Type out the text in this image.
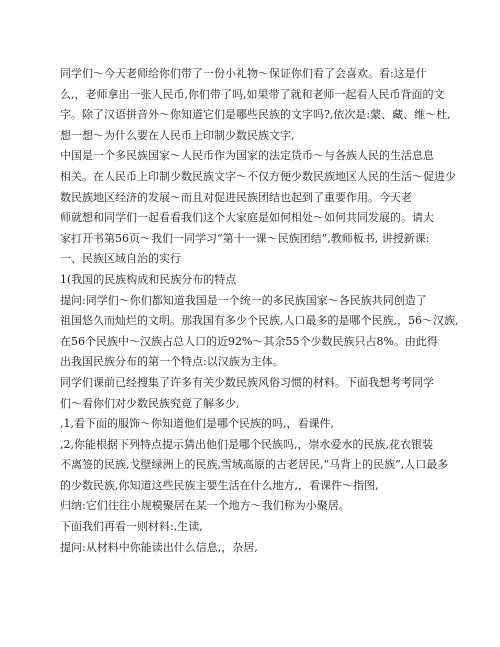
同学们～今天老师给你们带了一份小礼物～保证你们看了会喜欢。看:这是什
么,，老师拿出一张人民币,你们带了吗,如果带了就和老师一起看人民币背面的文
字。除了汉语拼音外～你知道它们是哪些民族的文字吗?,依次是:蒙、藏、维～杜,
想一想～为什么要在人民币上印制少数民族文字,
中国是一个多民族国家～人民币作为国家的法定货币～与各族人民的生活息息
相关。在人民币上印制少数民族文字～不仅方便少数民族地区人民的生活～促进少
数民族地区经济的发展～而且对促进民族团结也起到了重要作用。今天老
师就想和同学们一起看看我们这个大家庭是如何相处～如何共同发展的。请大
家打开书第56页～我们一同学习“第十一课～民族团结”,教师板书, 讲授新课:
一、民族区域自治的实行
1(我国的民族构成和民族分布的特点
提问:同学们～你们都知道我国是一个统一的多民族国家～各民族共同创造了
祖国悠久而灿烂的文明。那我国有多少个民族,人口最多的是哪个民族,，56～汉族,
在56个民族中～汉族占总人口的近92%～其余55个少数民族只占8%。由此得
出我国民族分布的第一个特点:以汉族为主体。
同学们课前已经搜集了许多有关少数民族风俗习惯的材料。下面我想考考同学
们～看你们对少数民族究竟了解多少,
,1,看下面的服饰～你知道他们是哪个民族的吗,，看课件,
,2,你能根据下列特点提示猜出他们是哪个民族吗,，崇水爱水的民族,花衣银装
不离签的民族,戈壁绿洲上的民族,雪域高原的古老居民,“马背上的民族”,人口最多
的少数民族,你知道这些民族主要生活在什么地方,，看课件～指图,
归纳:它们往往小规模聚居在某一个地方～我们称为小聚居。
下面我们再看一则材料:,生读,
提问:从材料中你能读出什么信息,，杂居,
